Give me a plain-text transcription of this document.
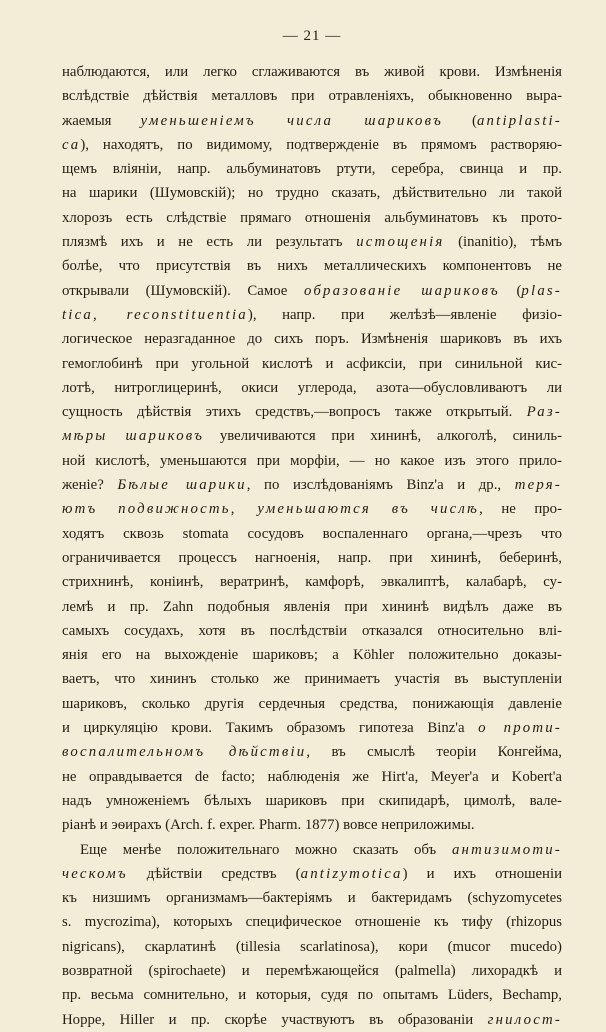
— 21 —
наблюдаются, или легко сглаживаются въ живой крови. Измѣненія
вслѣдствіе дѣйствія металловъ при отравленіяхъ, обыкновенно выра-
жаемыя уменьшеніемъ числа шариковъ (antiplasti-
ca), находятъ, по видимому, подтвержденіе въ прямомъ растворяю-
щемъ вліяніи, напр. альбуминатовъ ртути, серебра, свинца и пр.
на шарики (Шумовскій); но трудно сказать, дѣйствительно ли такой
хлорозъ есть слѣдствіе прямаго отношенія альбуминатовъ къ прото-
плязмѣ ихъ и не есть ли результатъ истощенія (inanitio), тѣмъ
болѣе, что присутствія въ нихъ металлическихъ компонентовъ не
открывали (Шумовскій). Самое образованіе шариковъ (plas-
tica, reconstituentia), напр. при желѣзѣ—явленіе физіо-
логическое неразгаданное до сихъ поръ. Измѣненія шариковъ въ ихъ
гемоглобинѣ при угольной кислотѣ и асфиксіи, при синильной кис-
лотѣ, нитроглицеринѣ, окиси углерода, азота—обусловливаютъ ли
сущность дѣйствія этихъ средствъ,—вопросъ также открытый. Раз-
мѣры шариковъ увеличиваются при хининѣ, алкоголѣ, синиль-
ной кислотѣ, уменьшаются при морфіи, — но какое изъ этого прило-
женіе? Бѣлые шарики, по изслѣдованіямъ Binz'а и др., теря-
ютъ подвижность, уменьшаются въ числѣ, не про-
ходятъ сквозь stomata сосудовъ воспаленнаго органа,—чрезъ что
ограничивается процессъ нагноенія, напр. при хининѣ, бебеpинѣ,
стрихнинѣ, коніинѣ, вератринѣ, камфорѣ, эвкалиптѣ, калабарѣ, су-
лемѣ и пр. Zahn подобныя явленія при хининѣ видѣлъ даже въ
самыхъ сосудахъ, хотя въ послѣдствіи отказался относительно влі-
янія его на выхожденіе шариковъ; а Köhler положительно доказы-
ваетъ, что хининъ столько же принимаетъ участія въ выступленіи
шариковъ, сколько другія сердечныя средства, понижающія давленіе
и циркуляцію крови. Такимъ образомъ гипотеза Binz'а о проти-
воспалительномъ дѣйствіи, въ смыслѣ теоріи Конгейма,
не оправдывается de facto; наблюденія же Hirt'а, Meyer'а и Kobert'а
надъ умноженіемъ бѣлыхъ шариковъ при скипидарѣ, цимолѣ, вале-
ріанѣ и эѳирахъ (Arch. f. exper. Pharm. 1877) вовсе неприложимы.
Еще менѣе положительнаго можно сказать объ антизимоти-
ческомъ дѣйствіи средствъ (antizymotica) и ихъ отношеніи
къ низшимъ организмамъ—бактеріямъ и бактеридамъ (schyzomycetes
s. mycrozima), которыхъ специфическое отношеніе къ тифу (rhizopus
nigricans), скарлатинѣ (tillesia scarlatinosa), кори (mucor mucedo)
возвратной (spirochaete) и перемѣжающейся (palmella) лихорадкѣ и
пр. весьма сомнительно, и которыя, судя по опытамъ Lüders, Bechamp,
Hoppe, Hiller и пр. скорѣе участвуютъ въ образованіи гнилост-
